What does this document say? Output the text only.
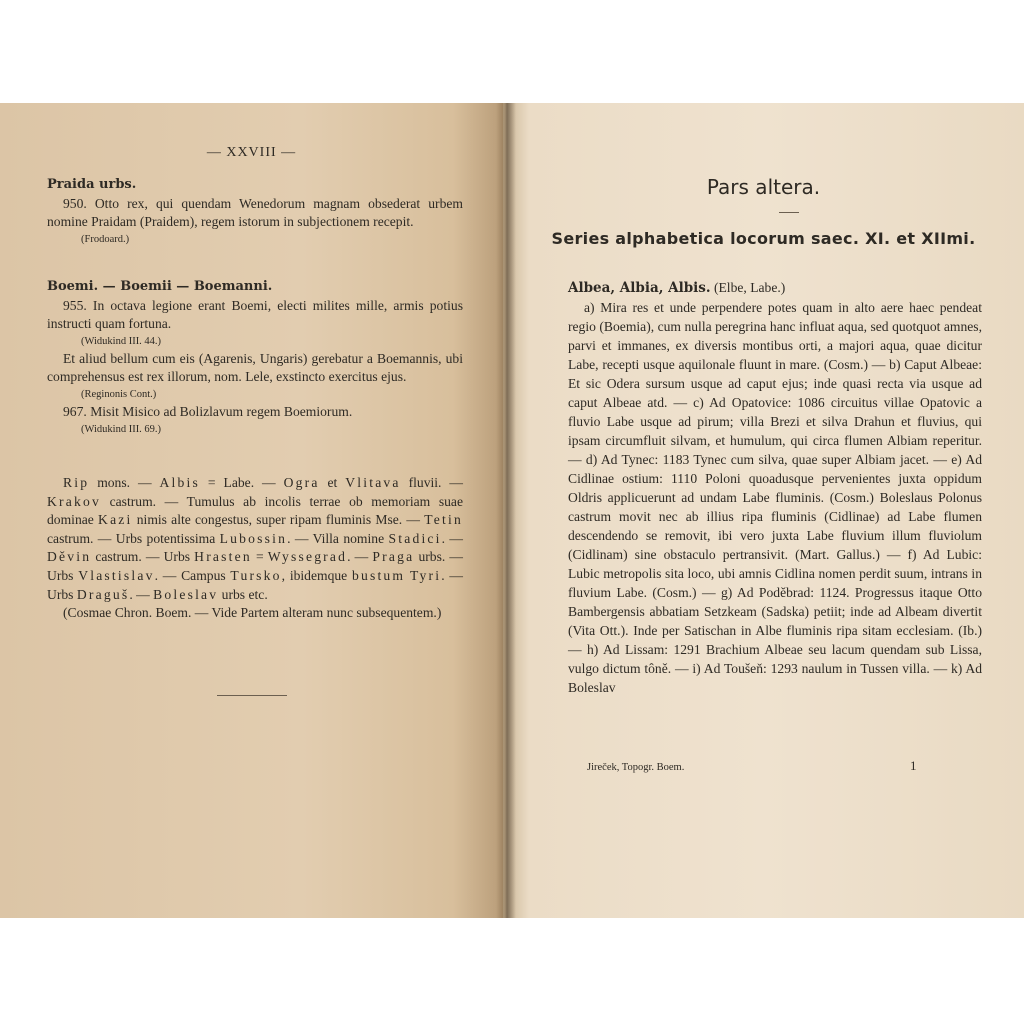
— XXVIII —

Praida urbs.

950. Otto rex, qui quendam Wenedorum magnam obsederat urbem nomine Praidam (Praidem), regem istorum in subjectionem recepit.

(Frodoard.)

Boemi. — Boemii — Boemanni.

955. In octava legione erant Boemi, electi milites mille, armis potius instructi quam fortuna.

(Widukind III. 44.)

Et aliud bellum cum eis (Agarenis, Ungaris) gerebatur a Boemannis, ubi comprehensus est rex illorum, nom. Lele, exstincto exercitus ejus.

(Reginonis Cont.)

967. Misit Misico ad Bolizlavum regem Boemiorum.

(Widukind III. 69.)

Rip mons. — Albis = Labe. — Ogra et Vlitava fluvii. — Krakov castrum. — Tumulus ab incolis terrae ob memoriam suae dominae Kazi nimis alte congestus, super ripam fluminis Mse. — Tetin castrum. — Urbs potentissima Lubossin. — Villa nomine Stadici. — Děvin castrum. — Urbs Hrasten = Wyssegrad. — Praga urbs. — Urbs Vlastislav. — Campus Tursko, ibidemque bustum Tyri. — Urbs Draguš. — Boleslav urbs etc.

(Cosmae Chron. Boem. — Vide Partem alteram nunc subsequentem.)

Pars altera.
Series alphabetica locorum saec. XI. et XIImi.

Albea, Albia, Albis. (Elbe, Labe.)

a) Mira res et unde perpendere potes quam in alto aere haec pendeat regio (Boemia), cum nulla peregrina hanc influat aqua, sed quotquot amnes, parvi et immanes, ex diversis montibus orti, a majori aqua, quae dicitur Labe, recepti usque aquilonale fluunt in mare. (Cosm.) — b) Caput Albeae: Et sic Odera sursum usque ad caput ejus; inde quasi recta via usque ad caput Albeae atd. — c) Ad Opatovice: 1086 circuitus villae Opatovic a fluvio Labe usque ad pirum; villa Brezi et silva Drahun et fluvius, qui ipsam circumfluit silvam, et humulum, qui circa flumen Albiam reperitur. — d) Ad Tynec: 1183 Tynec cum silva, quae super Albiam jacet. — e) Ad Cidlinae ostium: 1110 Poloni quoadusque pervenientes juxta oppidum Oldris applicuerunt ad undam Labe fluminis. (Cosm.) Boleslaus Polonus castrum movit nec ab illius ripa fluminis (Cidlinae) ad Labe flumen descendendo se removit, ibi vero juxta Labe fluvium illum fluviolum (Cidlinam) sine obstaculo pertransivit. (Mart. Gallus.) — f) Ad Lubic: Lubic metropolis sita loco, ubi amnis Cidlina nomen perdit suum, intrans in fluvium Labe. (Cosm.) — g) Ad Poděbrad: 1124. Progressus itaque Otto Bambergensis abbatiam Setzkeam (Sadska) petiit; inde ad Albeam divertit (Vita Ott.). Inde per Satischan in Albe fluminis ripa sitam ecclesiam. (Ib.) — h) Ad Lissam: 1291 Brachium Albeae seu lacum quendam sub Lissa, vulgo dictum tôně. — i) Ad Toušeň: 1293 naulum in Tussen villa. — k) Ad Boleslav

Jireček, Topogr. Boem.	1
